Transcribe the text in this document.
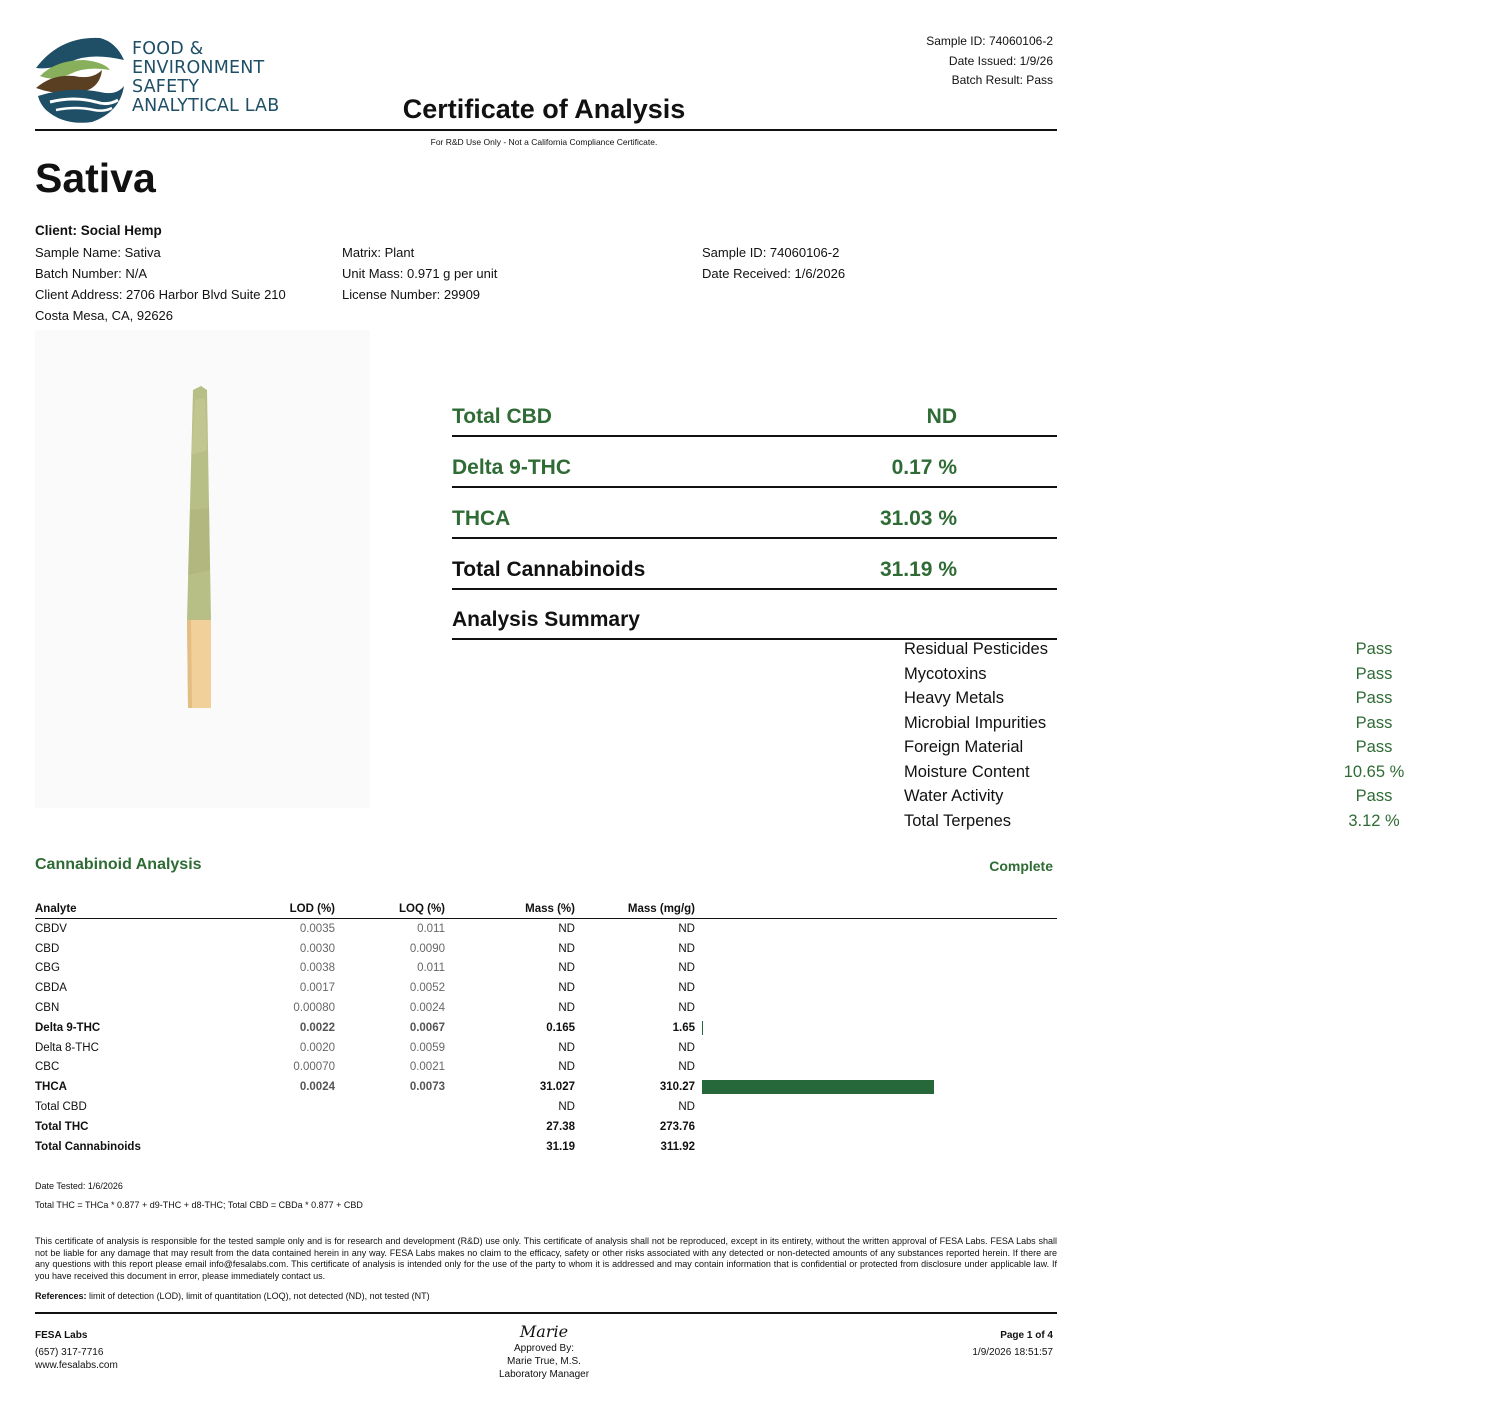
FOOD &
ENVIRONMENT
SAFETY
ANALYTICAL LAB
Sample ID: 74060106-2
Date Issued: 1/9/26
Batch Result: Pass
Certificate of Analysis
For R&D Use Only - Not a California Compliance Certificate.
Sativa
Client: Social Hemp
Sample Name: Sativa
Batch Number: N/A
Client Address: 2706 Harbor Blvd Suite 210
Costa Mesa, CA, 92626
Matrix: Plant
Unit Mass: 0.971 g per unit
License Number: 29909
Sample ID: 74060106-2
Date Received: 1/6/2026
Total CBD	ND
Delta 9-THC	0.17 %
THCA	31.03 %
Total Cannabinoids	31.19 %
Analysis Summary
Residual Pesticides	Pass
Mycotoxins	Pass
Heavy Metals	Pass
Microbial Impurities	Pass
Foreign Material	Pass
Moisture Content	10.65 %
Water Activity	Pass
Total Terpenes	3.12 %
Cannabinoid Analysis	Complete
Analyte	LOD (%)	LOQ (%)	Mass (%)	Mass (mg/g)	
CBDV	0.0035	0.011	ND	ND	
CBD	0.0030	0.0090	ND	ND	
CBG	0.0038	0.011	ND	ND	
CBDA	0.0017	0.0052	ND	ND	
CBN	0.00080	0.0024	ND	ND	
Delta 9-THC	0.0022	0.0067	0.165	1.65	

Delta 8-THC	0.0020	0.0059	ND	ND	
CBC	0.00070	0.0021	ND	ND	
THCA	0.0024	0.0073	31.027	310.27	

Total CBD			ND	ND	
Total THC			27.38	273.76	
Total Cannabinoids			31.19	311.92	
Date Tested: 1/6/2026
Total THC = THCa * 0.877 + d9-THC + d8-THC; Total CBD = CBDa * 0.877 + CBD
This certificate of analysis is responsible for the tested sample only and is for research and development (R&D) use only. This certificate of analysis shall not be reproduced, except in its entirety, without the written approval of FESA Labs. FESA Labs shall not be liable for any damage that may result from the data contained herein in any way. FESA Labs makes no claim to the efficacy, safety or other risks associated with any detected or non-detected amounts of any substances reported herein. If there are any questions with this report please email info@fesalabs.com. This certificate of analysis is intended only for the use of the party to whom it is addressed and may contain information that is confidential or protected from disclosure under applicable law. If you have received this document in error, please immediately contact us.
References: limit of detection (LOD), limit of quantitation (LOQ), not detected (ND), not tested (NT)
FESA Labs
(657) 317-7716
www.fesalabs.com
Marie
Approved By:
Marie True, M.S.
Laboratory Manager
Page 1 of 4
1/9/2026 18:51:57
